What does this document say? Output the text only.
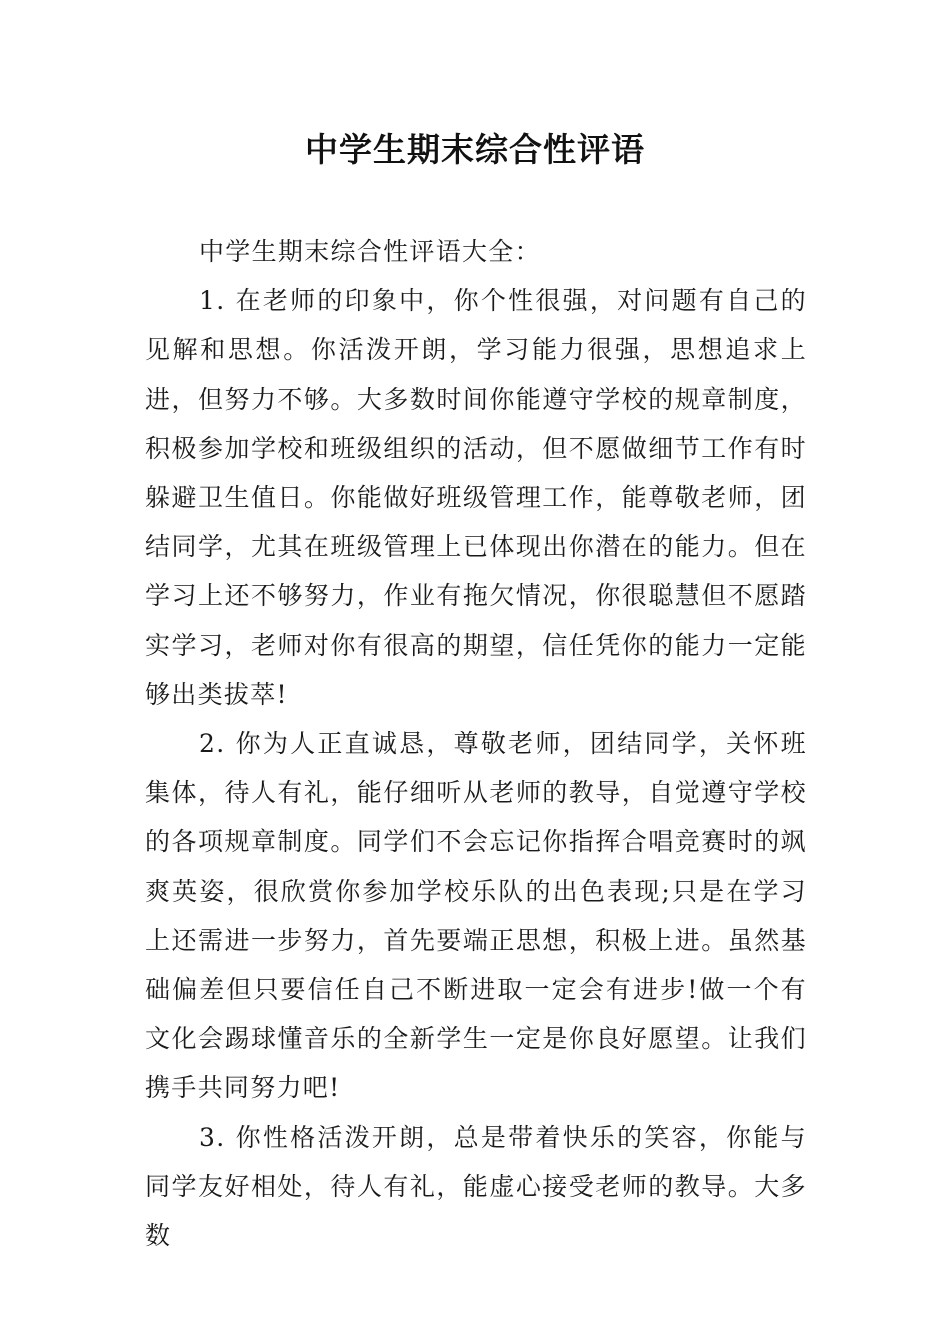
中学生期末综合性评语

中学生期末综合性评语大全：

1. 在老师的印象中，你个性很强，对问题有自己的见解和思想。你活泼开朗，学习能力很强，思想追求上进，但努力不够。大多数时间你能遵守学校的规章制度，积极参加学校和班级组织的活动，但不愿做细节工作有时躲避卫生值日。你能做好班级管理工作，能尊敬老师，团结同学，尤其在班级管理上已体现出你潜在的能力。但在学习上还不够努力，作业有拖欠情况，你很聪慧但不愿踏实学习，老师对你有很高的期望，信任凭你的能力一定能够出类拔萃!

2. 你为人正直诚恳，尊敬老师，团结同学，关怀班集体，待人有礼，能仔细听从老师的教导，自觉遵守学校的各项规章制度。同学们不会忘记你指挥合唱竞赛时的飒爽英姿，很欣赏你参加学校乐队的出色表现;只是在学习上还需进一步努力，首先要端正思想，积极上进。虽然基础偏差但只要信任自己不断进取一定会有进步!做一个有文化会踢球懂音乐的全新学生一定是你良好愿望。让我们携手共同努力吧!

3. 你性格活泼开朗，总是带着快乐的笑容，你能与同学友好相处，待人有礼，能虚心接受老师的教导。大多数
